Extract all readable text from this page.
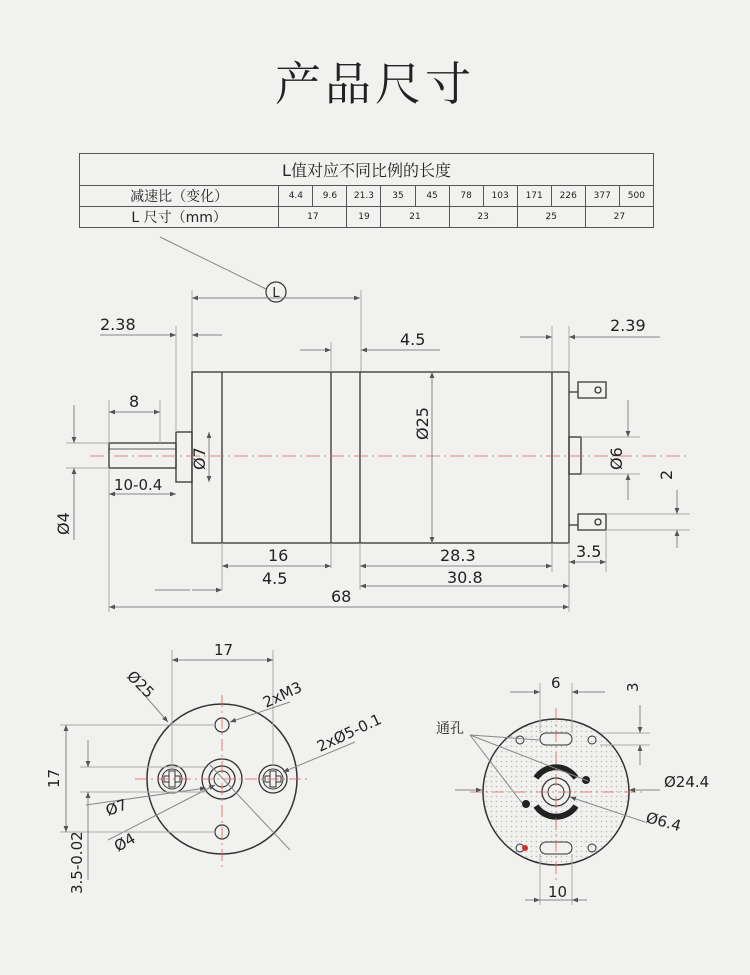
产品尺寸
L值对应不同比例的长度											
减速比（变化）	4.4	9.6	21.3	35	45	78	103	171	226	377	500
L 尺寸（mm）	17		19	21		23		25		27	
L
2.38
4.5
2.39
8
Ø7
Ø25
Ø6
2
10-0.4
Ø4
16	28.3	3.5
4.5	30.8
68
17
Ø25	2xM3
2xØ5-0.1
17
Ø7
Ø4
3.5-0.02
6	3
通孔
Ø24.4
Ø6.4
10
